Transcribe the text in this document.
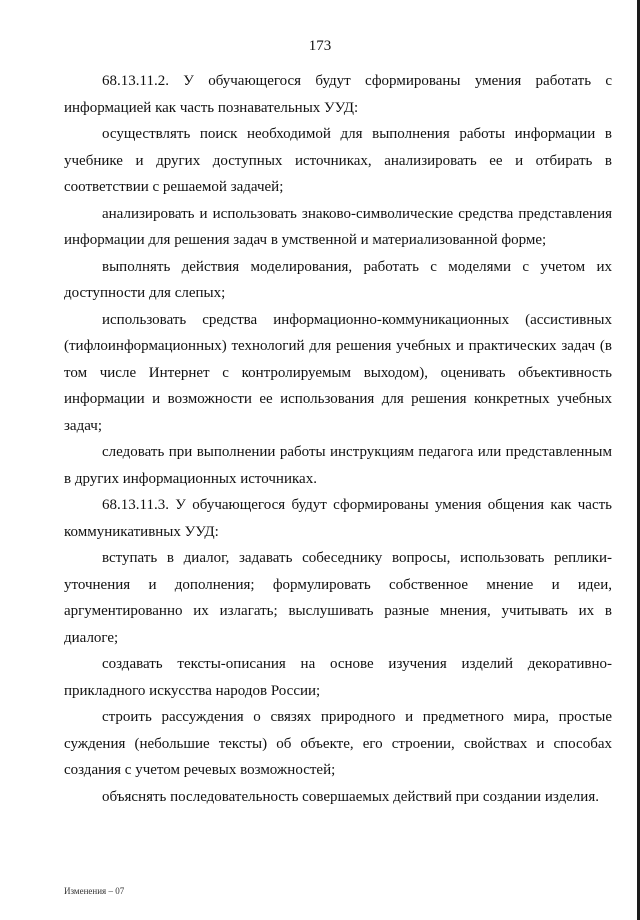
173

68.13.11.2. У обучающегося будут сформированы умения работать с информацией как часть познавательных УУД:

осуществлять поиск необходимой для выполнения работы информации в учебнике и других доступных источниках, анализировать ее и отбирать в соответствии с решаемой задачей;

анализировать и использовать знаково-символические средства представления информации для решения задач в умственной и материализованной форме;

выполнять действия моделирования, работать с моделями с учетом их доступности для слепых;

использовать средства информационно-коммуникационных (ассистивных (тифлоинформационных) технологий для решения учебных и практических задач (в том числе Интернет с контролируемым выходом), оценивать объективность информации и возможности ее использования для решения конкретных учебных задач;

следовать при выполнении работы инструкциям педагога или представленным в других информационных источниках.

68.13.11.3. У обучающегося будут сформированы умения общения как часть коммуникативных УУД:

вступать в диалог, задавать собеседнику вопросы, использовать реплики-уточнения и дополнения; формулировать собственное мнение и идеи, аргументированно их излагать; выслушивать разные мнения, учитывать их в диалоге;

создавать тексты-описания на основе изучения изделий декоративно-прикладного искусства народов России;

строить рассуждения о связях природного и предметного мира, простые суждения (небольшие тексты) об объекте, его строении, свойствах и способах создания с учетом речевых возможностей;

объяснять последовательность совершаемых действий при создании изделия.

Изменения – 07
